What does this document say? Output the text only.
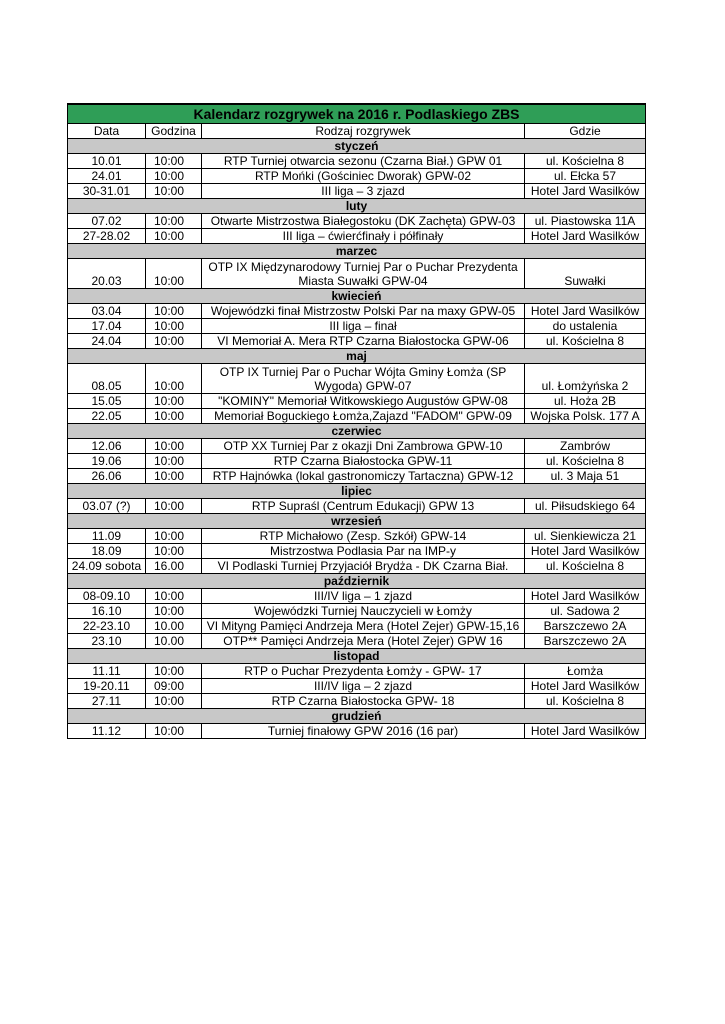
Kalendarz rozgrywek na 2016 r. Podlaskiego ZBS			
Data	Godzina	Rodzaj rozgrywek	Gdzie
styczeń			
10.01	10:00	RTP Turniej otwarcia sezonu (Czarna Biał.) GPW 01	ul. Kościelna 8
24.01	10:00	RTP Mońki (Gościniec Dworak) GPW-02	ul. Ełcka 57
30-31.01	10:00	III liga – 3 zjazd	Hotel Jard Wasilków
luty			
07.02	10:00	Otwarte Mistrzostwa Białegostoku (DK Zachęta) GPW-03	ul. Piastowska 11A
27-28.02	10:00	III liga – ćwierćfinały i półfinały	Hotel Jard Wasilków
marzec			
20.03	10:00	OTP IX Międzynarodowy Turniej Par o Puchar Prezydenta Miasta Suwałki GPW-04	Suwałki
kwiecień			
03.04	10:00	Wojewódzki finał Mistrzostw Polski Par na maxy GPW-05	Hotel Jard Wasilków
17.04	10:00	III liga – finał	do ustalenia
24.04	10:00	VI Memoriał A. Mera RTP Czarna Białostocka GPW-06	ul. Kościelna 8
maj			
08.05	10:00	OTP IX Turniej Par o Puchar Wójta Gminy Łomża (SP Wygoda) GPW-07	ul. Łomżyńska 2
15.05	10:00	"KOMINY" Memoriał Witkowskiego Augustów GPW-08	ul. Hoża 2B
22.05	10:00	Memoriał Boguckiego Łomża,Zajazd "FADOM" GPW-09	Wojska Polsk. 177 A
czerwiec			
12.06	10:00	OTP XX Turniej Par z okazji Dni Zambrowa GPW-10	Zambrów
19.06	10:00	RTP Czarna Białostocka GPW-11	ul. Kościelna 8
26.06	10:00	RTP Hajnówka (lokal gastronomiczy Tartaczna) GPW-12	ul. 3 Maja 51
lipiec			
03.07 (?)	10:00	RTP Supraśl (Centrum Edukacji) GPW 13	ul. Piłsudskiego 64
wrzesień			
11.09	10:00	RTP Michałowo (Zesp. Szkół) GPW-14	ul. Sienkiewicza 21
18.09	10:00	Mistrzostwa Podlasia Par na IMP-y	Hotel Jard Wasilków
24.09 sobota	16.00	VI Podlaski Turniej Przyjaciół Brydża - DK Czarna Biał.	ul. Kościelna 8
październik			
08-09.10	10:00	III/IV liga – 1 zjazd	Hotel Jard Wasilków
16.10	10:00	Wojewódzki Turniej Nauczycieli w Łomży	ul. Sadowa 2
22-23.10	10.00	VI Mityng Pamięci Andrzeja Mera (Hotel Zejer) GPW-15,16	Barszczewo 2A
23.10	10.00	OTP** Pamięci Andrzeja Mera (Hotel Zejer) GPW 16	Barszczewo 2A
listopad			
11.11	10:00	RTP o Puchar Prezydenta Łomży - GPW- 17	Łomża
19-20.11	09:00	III/IV liga – 2 zjazd	Hotel Jard Wasilków
27.11	10:00	RTP Czarna Białostocka GPW- 18	ul. Kościelna 8
grudzień			
11.12	10:00	Turniej finałowy GPW 2016 (16 par)	Hotel Jard Wasilków
